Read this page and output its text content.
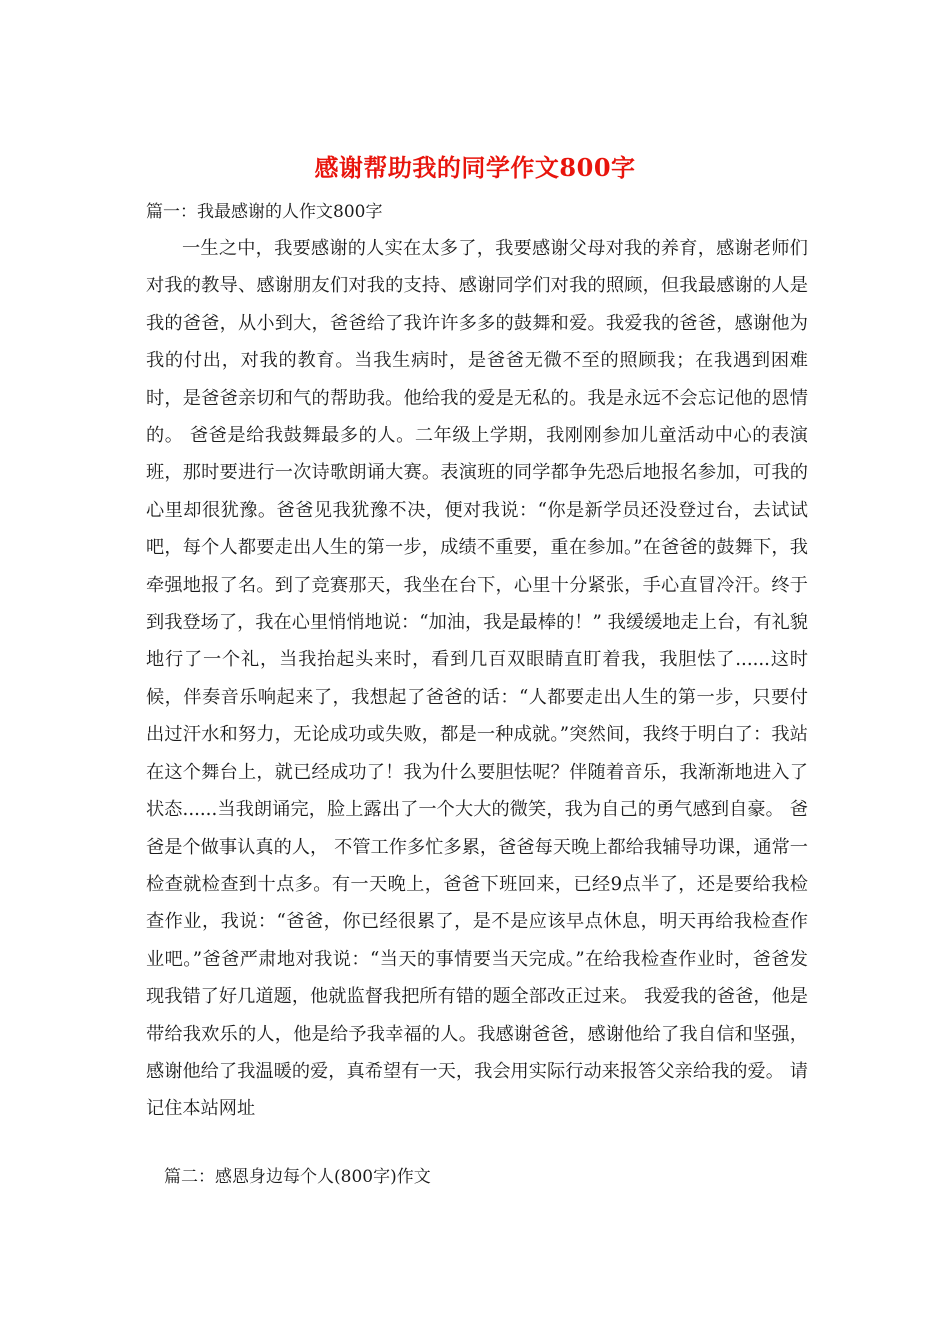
感谢帮助我的同学作文800字
篇一：我最感谢的人作文800字

一生之中，我要感谢的人实在太多了，我要感谢父母对我的养育，感谢老师们对我的教导、感谢朋友们对我的支持、感谢同学们对我的照顾，但我最感谢的人是我的爸爸，从小到大，爸爸给了我许许多多的鼓舞和爱。我爱我的爸爸，感谢他为我的付出，对我的教育。当我生病时，是爸爸无微不至的照顾我；在我遇到困难时，是爸爸亲切和气的帮助我。他给我的爱是无私的。我是永远不会忘记他的恩情的。 爸爸是给我鼓舞最多的人。二年级上学期，我刚刚参加儿童活动中心的表演班，那时要进行一次诗歌朗诵大赛。表演班的同学都争先恐后地报名参加，可我的心里却很犹豫。爸爸见我犹豫不决，便对我说：“你是新学员还没登过台，去试试吧，每个人都要走出人生的第一步，成绩不重要，重在参加。”在爸爸的鼓舞下，我牵强地报了名。到了竞赛那天，我坐在台下，心里十分紧张，手心直冒冷汗。终于到我登场了，我在心里悄悄地说：“加油，我是最棒的！” 我缓缓地走上台，有礼貌地行了一个礼，当我抬起头来时，看到几百双眼睛直盯着我，我胆怯了......这时候，伴奏音乐响起来了，我想起了爸爸的话：“人都要走出人生的第一步，只要付出过汗水和努力，无论成功或失败，都是一种成就。”突然间，我终于明白了：我站在这个舞台上，就已经成功了！我为什么要胆怯呢？伴随着音乐，我渐渐地进入了状态......当我朗诵完，脸上露出了一个大大的微笑，我为自己的勇气感到自豪。 爸爸是个做事认真的人， 不管工作多忙多累，爸爸每天晚上都给我辅导功课，通常一检查就检查到十点多。有一天晚上，爸爸下班回来，已经9点半了，还是要给我检查作业，我说：“爸爸，你已经很累了，是不是应该早点休息，明天再给我检查作业吧。”爸爸严肃地对我说：“当天的事情要当天完成。”在给我检查作业时，爸爸发现我错了好几道题，他就监督我把所有错的题全部改正过来。 我爱我的爸爸，他是带给我欢乐的人，他是给予我幸福的人。我感谢爸爸，感谢他给了我自信和坚强，感谢他给了我温暖的爱，真希望有一天，我会用实际行动来报答父亲给我的爱。 请记住本站网址

篇二：感恩身边每个人(800字)作文
